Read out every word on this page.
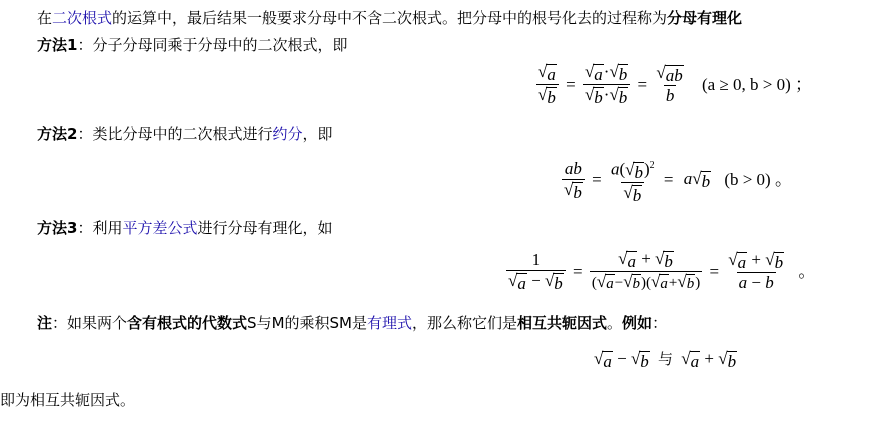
在二次根式的运算中，最后结果一般要求分母中不含二次根式。把分母中的根号化去的过程称为分母有理化
方法1：分子分母同乘于分母中的二次根式，即
$\frac{√ a}{√ b} = \frac{√ a \cdot √ b}{√ b \cdot √ b} = \frac{√ ab}{b} (a \ge 0$, b > 0) ；
方法2：类比分母中的二次根式进行约分，即
$\frac{ab}{√ b} = \frac{a( √ b )^2}{√ b} = a$ √ b (b > 0) 。
方法3：利用平方差公式进行分母有理化，如
$\frac{1}{√ a - √ b} = \frac{√ a + √ b}{( √ a - √ b )( √ a + √ b )} = \frac{√ a + √ b}{a - b}$ 。
注：如果两个含有根式的代数式S与M的乘积SM是有理式，那么称它们是相互共轭因式。例如：
√ a − √ b 与 √ a + √ b
即为相互共轭因式。
